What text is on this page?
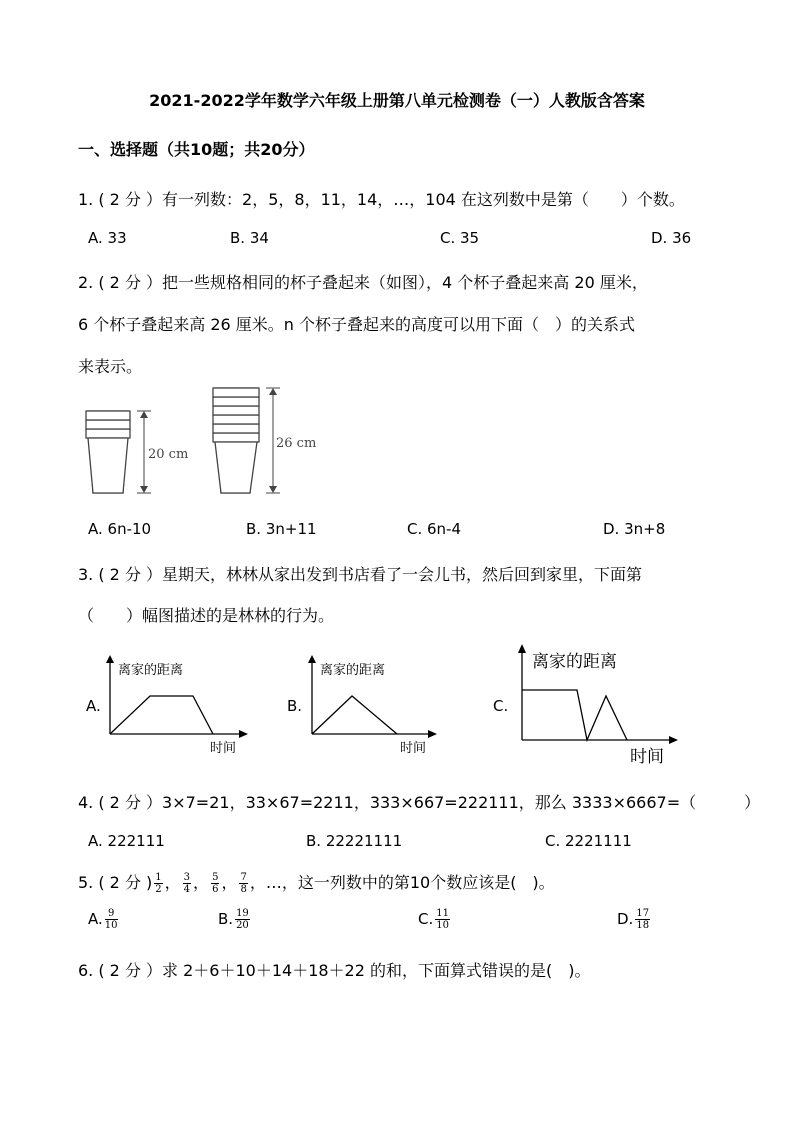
2021-2022学年数学六年级上册第八单元检测卷（一）人教版含答案
一、选择题（共10题；共20分）
1. ( 2 分 ）有一列数：2，5，8，11，14，…，104 在这列数中是第（　　）个数。
A. 33	B. 34	C. 35	D. 36
2. ( 2 分 ）把一些规格相同的杯子叠起来（如图），4 个杯子叠起来高 20 厘米，
6 个杯子叠起来高 26 厘米。n 个杯子叠起来的高度可以用下面（　）的关系式
来表示。
20 cm
26 cm
A. 6n-10	B. 3n+11	C. 6n-4	D. 3n+8
3. ( 2 分 ）星期天，林林从家出发到书店看了一会儿书，然后回到家里，下面第
（　　）幅图描述的是林林的行为。
A.
离家的距离
时间
B.
离家的距离
时间
C.
离家的距离
时间
4. ( 2 分 ）3×7=21，33×67=2211，333×667=222111，那么 3333×6667=（　　　）
A. 222111	B. 22221111	C. 2221111
5. ( 2 分 ) $\frac{1}{2}$ ， $\frac{3}{4}$ ， $\frac{5}{6}$ ， $\frac{7}{8}$ ，…，这一列数中的第10个数应该是(　)。
A. $\frac{9}{10}$	B. $\frac{19}{20}$	C. $\frac{11}{10}$	D. $\frac{17}{18}$
6. ( 2 分 ）求 2＋6＋10＋14＋18＋22 的和，下面算式错误的是(　)。
